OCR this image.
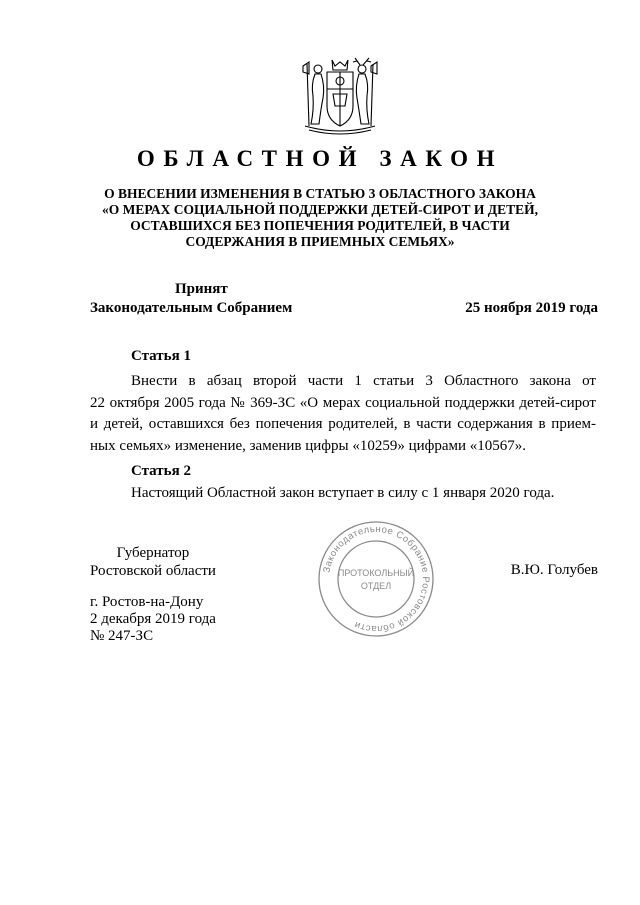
ОБЛАСТНОЙ ЗАКОН
О ВНЕСЕНИИ ИЗМЕНЕНИЯ В СТАТЬЮ 3 ОБЛАСТНОГО ЗАКОНА
«О МЕРАХ СОЦИАЛЬНОЙ ПОДДЕРЖКИ ДЕТЕЙ-СИРОТ И ДЕТЕЙ,
ОСТАВШИХСЯ БЕЗ ПОПЕЧЕНИЯ РОДИТЕЛЕЙ, В ЧАСТИ
СОДЕРЖАНИЯ В ПРИЕМНЫХ СЕМЬЯХ»
Принят
Законодательным Собранием	25 ноября 2019 года
Статья 1
Внести в абзац второй части 1 статьи 3 Областного закона от
22 октября 2005 года № 369-ЗС «О мерах социальной поддержки детей-сирот
и детей, оставшихся без попечения родителей, в части содержания в прием-
ных семьях» изменение, заменив цифры «10259» цифрами «10567».
Статья 2
Настоящий Областной закон вступает в силу с 1 января 2020 года.
Губернатор
Ростовской области	Законодательное Собрание Ростовской области
ПРОТОКОЛЬНЫЙ
ОТДЕЛ
В.Ю. Голубев
г. Ростов-на-Дону
2 декабря 2019 года
№ 247-ЗС
